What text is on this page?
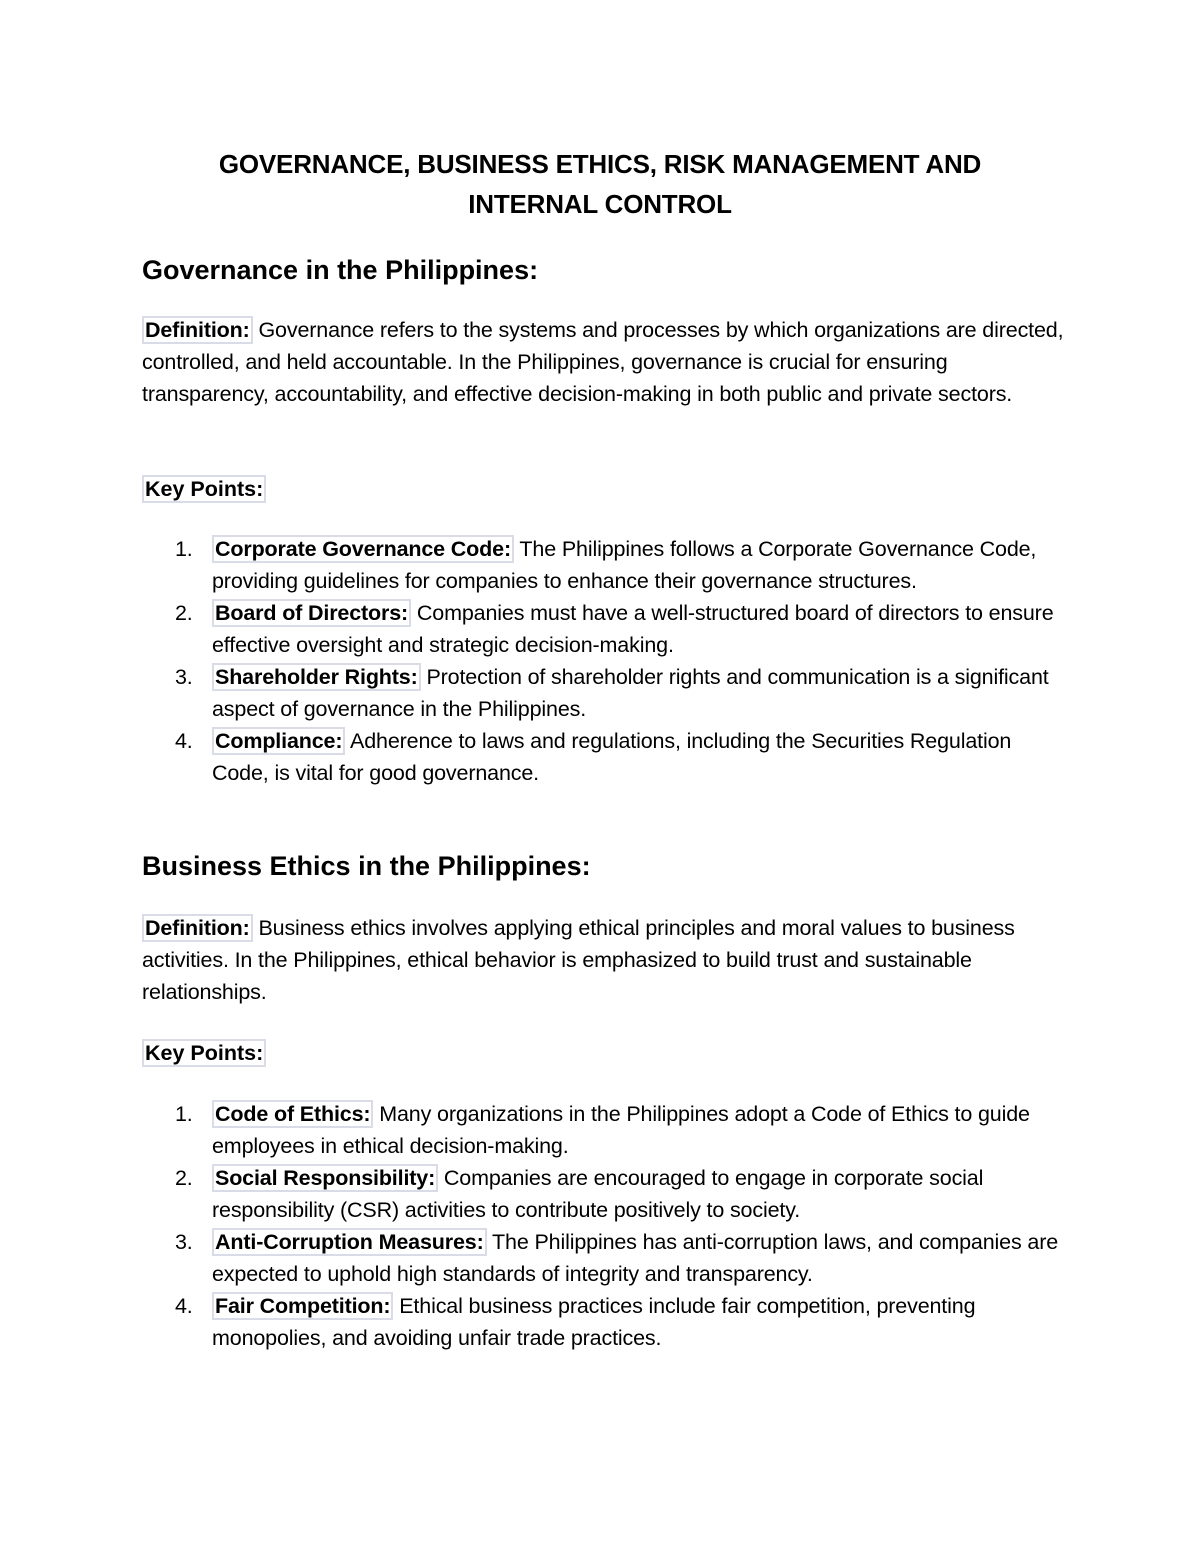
GOVERNANCE, BUSINESS ETHICS, RISK MANAGEMENT AND
INTERNAL CONTROL
Governance in the Philippines:

Definition: Governance refers to the systems and processes by which organizations are directed, controlled, and held accountable. In the Philippines, governance is crucial for ensuring transparency, accountability, and effective decision-making in both public and private sectors.

Key Points:

1. Corporate Governance Code: The Philippines follows a Corporate Governance Code, providing guidelines for companies to enhance their governance structures.
2. Board of Directors: Companies must have a well-structured board of directors to ensure effective oversight and strategic decision-making.
3. Shareholder Rights: Protection of shareholder rights and communication is a significant aspect of governance in the Philippines.
4. Compliance: Adherence to laws and regulations, including the Securities Regulation Code, is vital for good governance.
Business Ethics in the Philippines:

Definition: Business ethics involves applying ethical principles and moral values to business activities. In the Philippines, ethical behavior is emphasized to build trust and sustainable relationships.

Key Points:

1. Code of Ethics: Many organizations in the Philippines adopt a Code of Ethics to guide employees in ethical decision-making.
2. Social Responsibility: Companies are encouraged to engage in corporate social responsibility (CSR) activities to contribute positively to society.
3. Anti-Corruption Measures: The Philippines has anti-corruption laws, and companies are expected to uphold high standards of integrity and transparency.
4. Fair Competition: Ethical business practices include fair competition, preventing monopolies, and avoiding unfair trade practices.
